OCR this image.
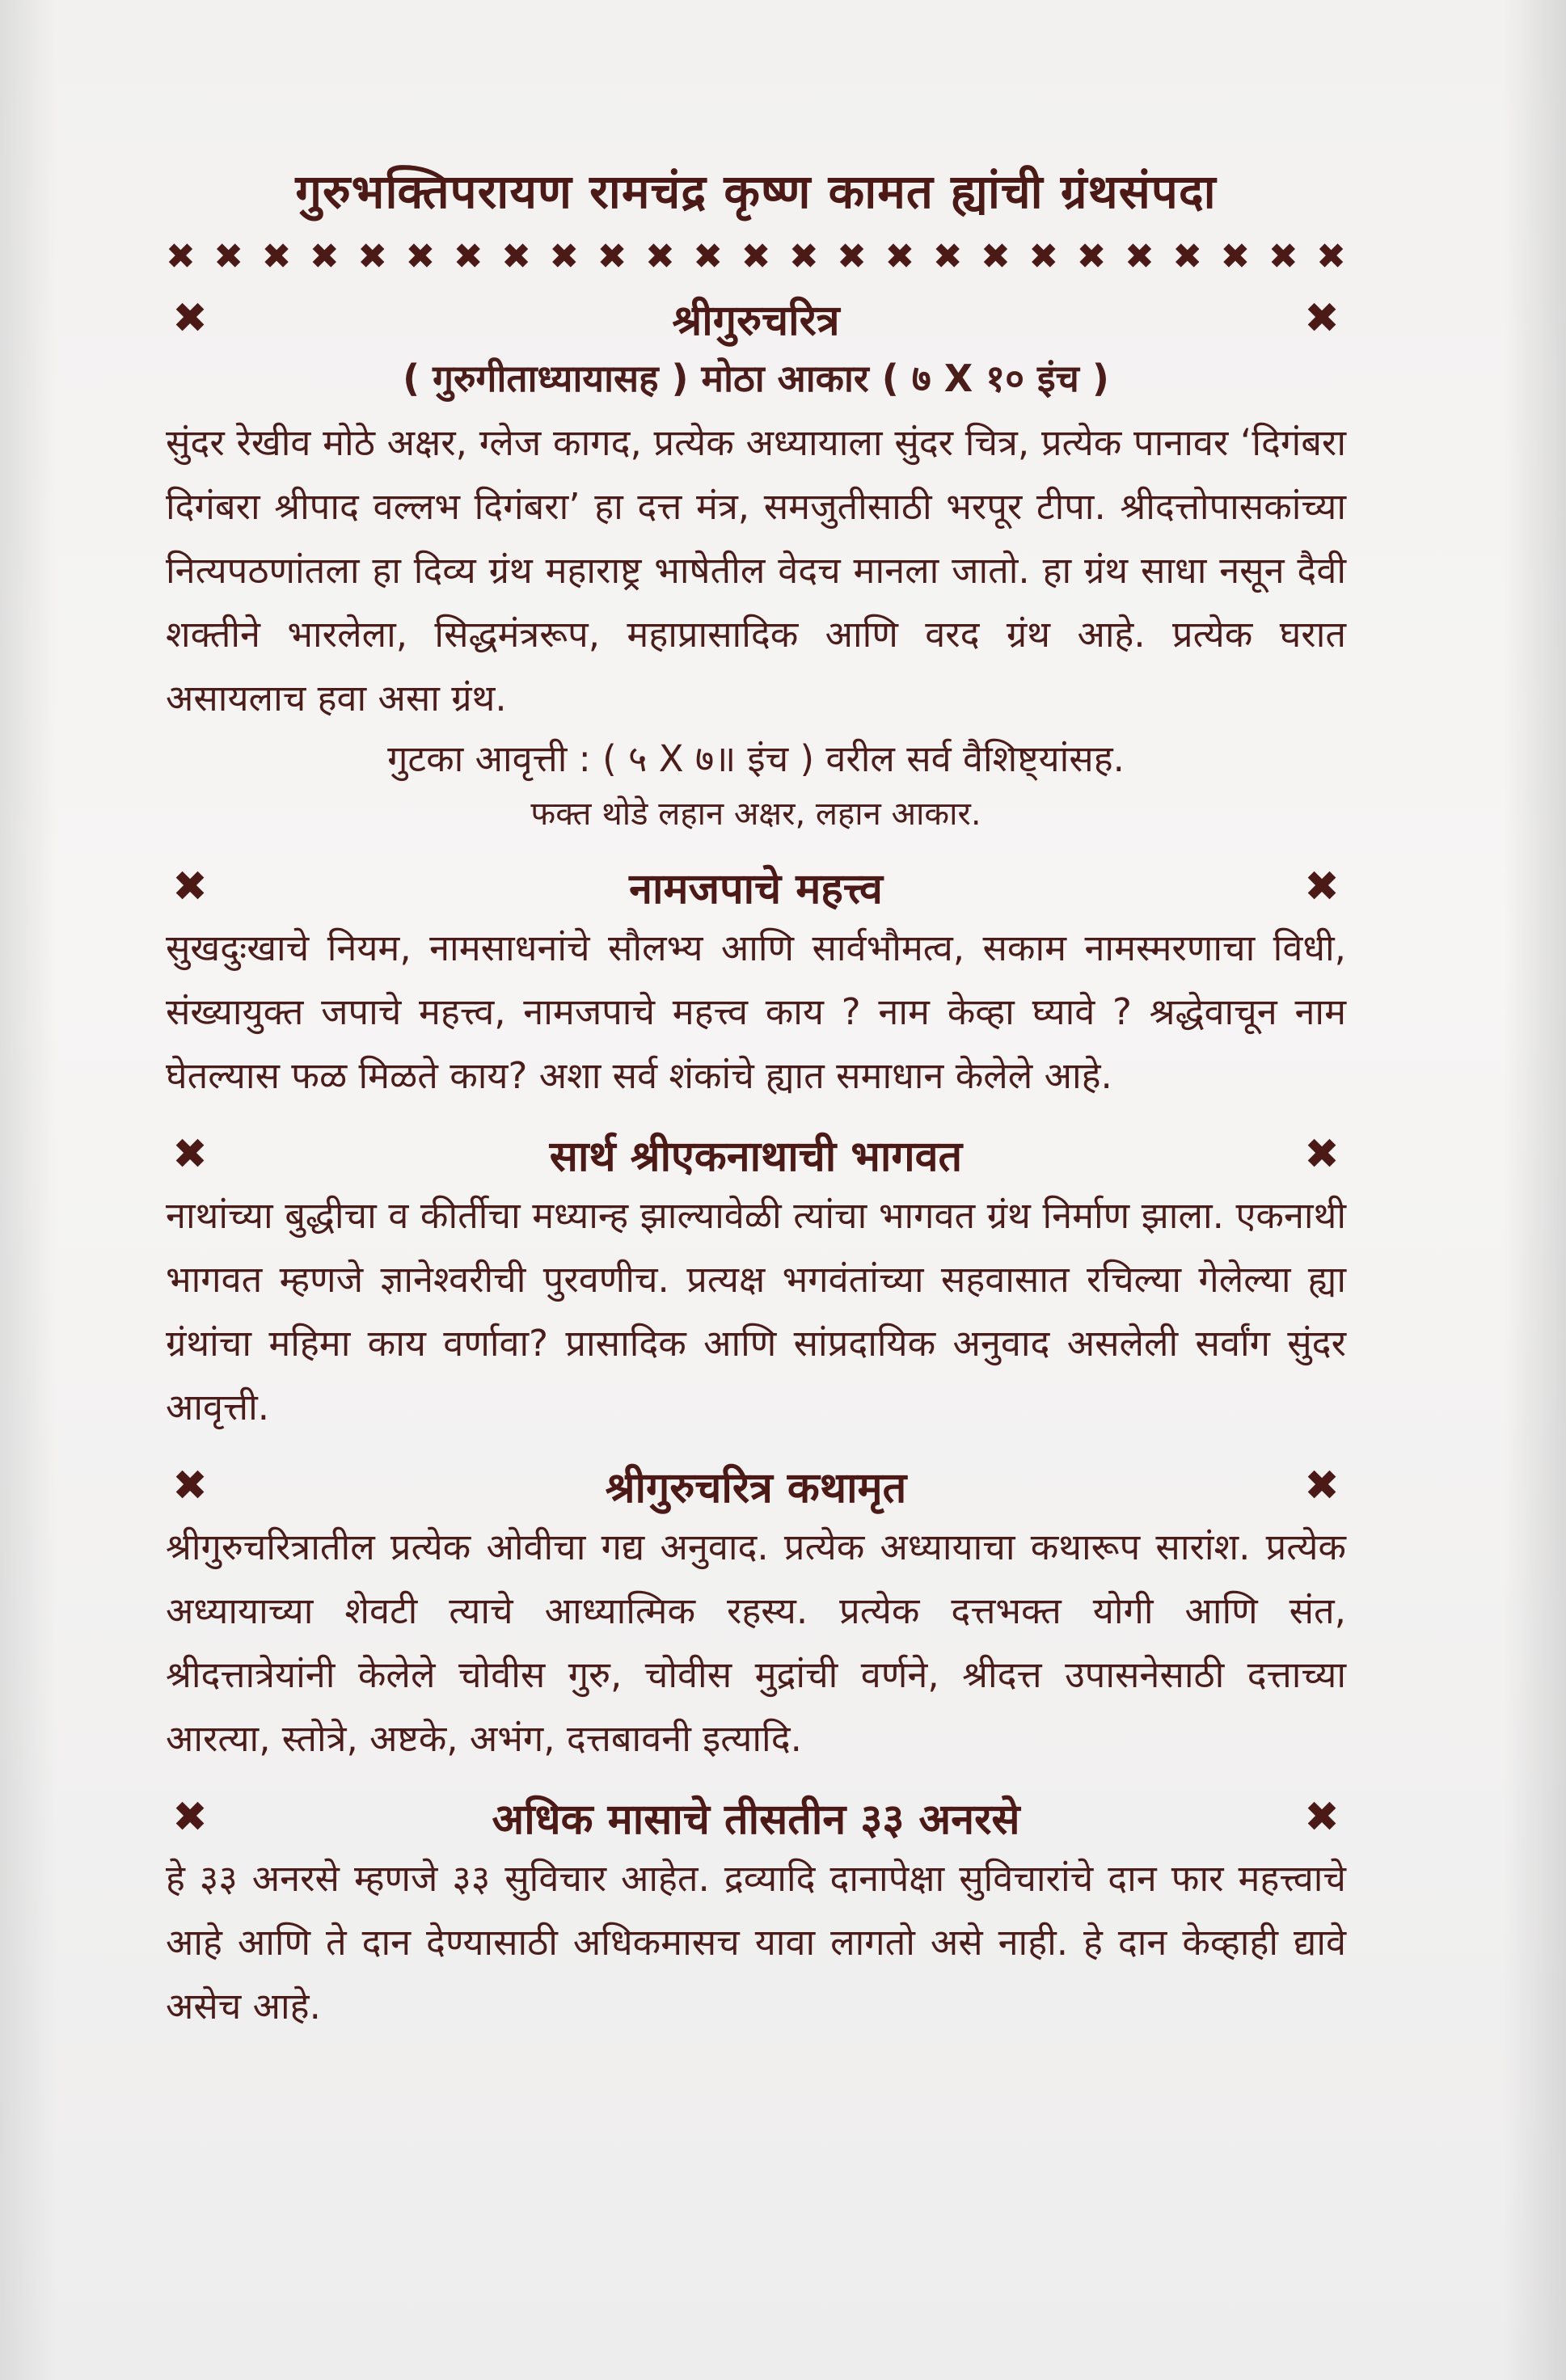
गुरुभक्तिपरायण रामचंद्र कृष्ण कामत ह्यांची ग्रंथसंपदा
✖ ✖ ✖ ✖ ✖ ✖ ✖ ✖ ✖ ✖ ✖ ✖ ✖ ✖ ✖ ✖ ✖ ✖ ✖ ✖ ✖ ✖ ✖ ✖ ✖
✖	श्रीगुरुचरित्र	✖
( गुरुगीताध्यायासह ) मोठा आकार ( ७ X १० इंच )

सुंदर रेखीव मोठे अक्षर, ग्लेज कागद, प्रत्येक अध्यायाला सुंदर चित्र, प्रत्येक पानावर ‘दिगंबरा दिगंबरा श्रीपाद वल्लभ दिगंबरा’ हा दत्त मंत्र, समजुतीसाठी भरपूर टीपा. श्रीदत्तोपासकांच्या नित्यपठणांतला हा दिव्य ग्रंथ महाराष्ट्र भाषेतील वेदच मानला जातो. हा ग्रंथ साधा नसून दैवी शक्तीने भारलेला, सिद्धमंत्ररूप, महाप्रासादिक आणि वरद ग्रंथ आहे. प्रत्येक घरात असायलाच हवा असा ग्रंथ.

गुटका आवृत्ती : ( ५ X ७॥ इंच ) वरील सर्व वैशिष्ट्यांसह.

फक्त थोडे लहान अक्षर, लहान आकार.

✖	नामजपाचे महत्त्व	✖

सुखदुःखाचे नियम, नामसाधनांचे सौलभ्य आणि सार्वभौमत्व, सकाम नामस्मरणाचा विधी, संख्यायुक्त जपाचे महत्त्व, नामजपाचे महत्त्व काय ? नाम केव्हा घ्यावे ? श्रद्धेवाचून नाम घेतल्यास फळ मिळते काय? अशा सर्व शंकांचे ह्यात समाधान केलेले आहे.

✖	सार्थ श्रीएकनाथाची भागवत	✖

नाथांच्या बुद्धीचा व कीर्तीचा मध्यान्ह झाल्यावेळी त्यांचा भागवत ग्रंथ निर्माण झाला. एकनाथी भागवत म्हणजे ज्ञानेश्वरीची पुरवणीच. प्रत्यक्ष भगवंतांच्या सहवासात रचिल्या गेलेल्या ह्या ग्रंथांचा महिमा काय वर्णावा? प्रासादिक आणि सांप्रदायिक अनुवाद असलेली सर्वांग सुंदर आवृत्ती.

✖	श्रीगुरुचरित्र कथामृत	✖

श्रीगुरुचरित्रातील प्रत्येक ओवीचा गद्य अनुवाद. प्रत्येक अध्यायाचा कथारूप सारांश. प्रत्येक अध्यायाच्या शेवटी त्याचे आध्यात्मिक रहस्य. प्रत्येक दत्तभक्त योगी आणि संत, श्रीदत्तात्रेयांनी केलेले चोवीस गुरु, चोवीस मुद्रांची वर्णने, श्रीदत्त उपासनेसाठी दत्ताच्या आरत्या, स्तोत्रे, अष्टके, अभंग, दत्तबावनी इत्यादि.

✖	अधिक मासाचे तीसतीन ३३ अनरसे	✖

हे ३३ अनरसे म्हणजे ३३ सुविचार आहेत. द्रव्यादि दानापेक्षा सुविचारांचे दान फार महत्त्वाचे आहे आणि ते दान देण्यासाठी अधिकमासच यावा लागतो असे नाही. हे दान केव्हाही द्यावे असेच आहे.
